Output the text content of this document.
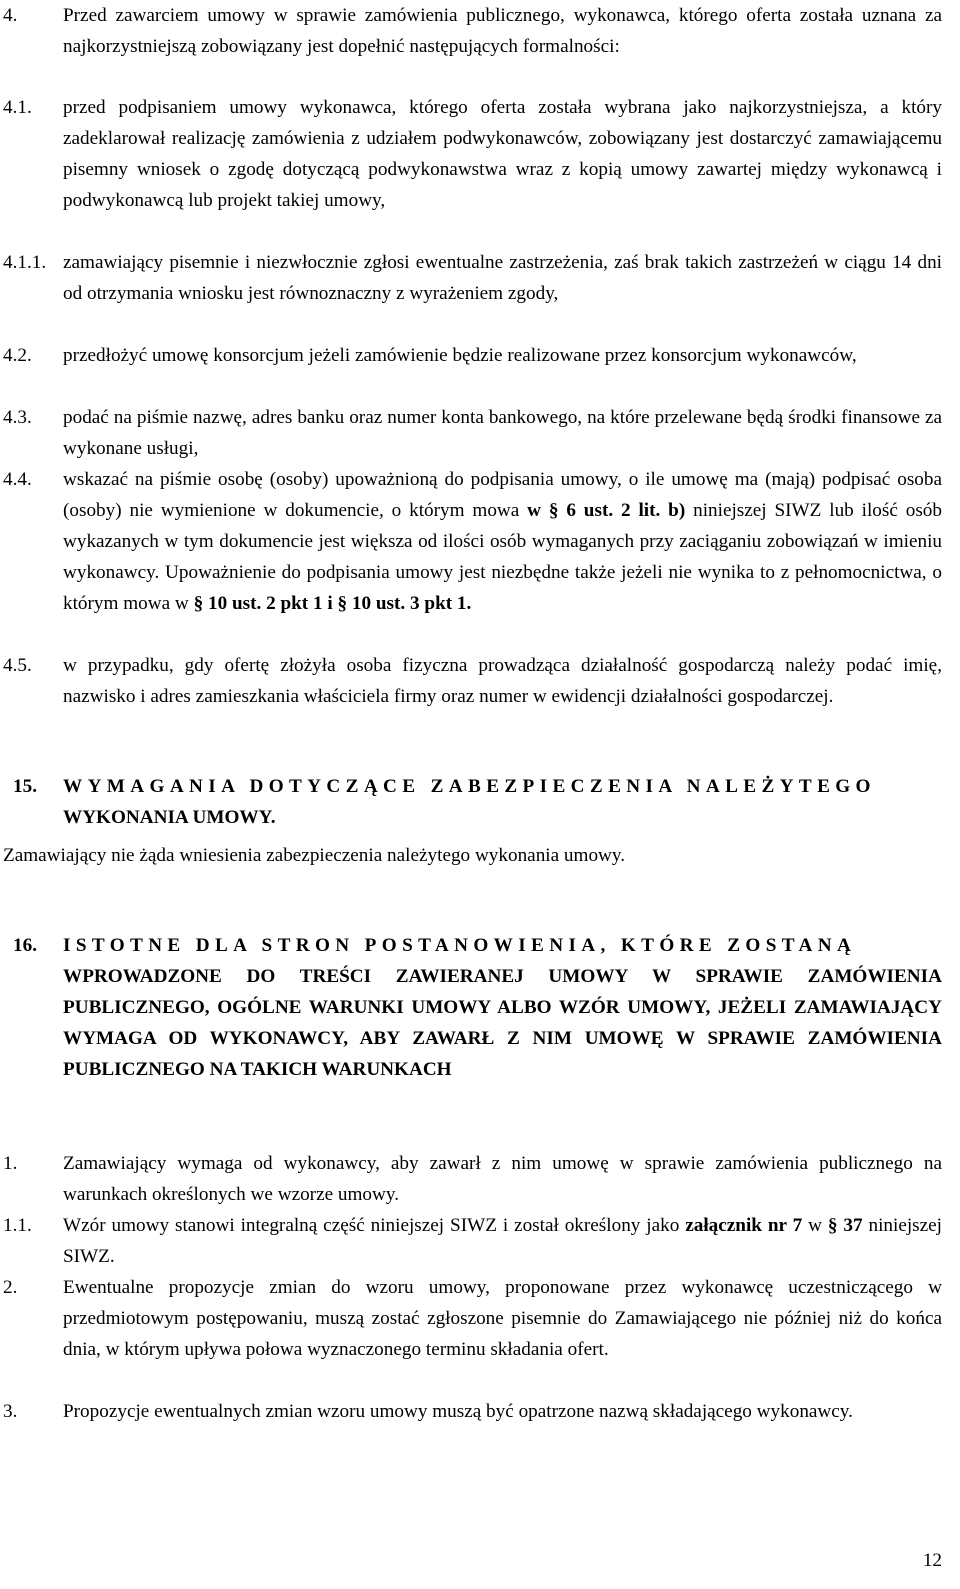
4. Przed zawarciem umowy w sprawie zamówienia publicznego, wykonawca, którego oferta została uznana za najkorzystniejszą zobowiązany jest dopełnić następujących formalności:
4.1. przed podpisaniem umowy wykonawca, którego oferta została wybrana jako najkorzystniejsza, a który zadeklarował realizację zamówienia z udziałem podwykonawców, zobowiązany jest dostarczyć zamawiającemu pisemny wniosek o zgodę dotyczącą podwykonawstwa wraz z kopią umowy zawartej między wykonawcą i podwykonawcą lub projekt takiej umowy,
4.1.1. zamawiający pisemnie i niezwłocznie zgłosi ewentualne zastrzeżenia, zaś brak takich zastrzeżeń w ciągu 14 dni od otrzymania wniosku jest równoznaczny z wyrażeniem zgody,
4.2. przedłożyć umowę konsorcjum jeżeli zamówienie będzie realizowane przez konsorcjum wykonawców,
4.3. podać na piśmie nazwę, adres banku oraz numer konta bankowego, na które przelewane będą środki finansowe za wykonane usługi,
4.4. wskazać na piśmie osobę (osoby) upoważnioną do podpisania umowy, o ile umowę ma (mają) podpisać osoba (osoby) nie wymienione w dokumencie, o którym mowa w § 6 ust. 2 lit. b) niniejszej SIWZ lub ilość osób wykazanych w tym dokumencie jest większa od ilości osób wymaganych przy zaciąganiu zobowiązań w imieniu wykonawcy. Upoważnienie do podpisania umowy jest niezbędne także jeżeli nie wynika to z pełnomocnictwa, o którym mowa w § 10 ust. 2 pkt 1 i § 10 ust. 3 pkt 1.
4.5. w przypadku, gdy ofertę złożyła osoba fizyczna prowadząca działalność gospodarczą należy podać imię, nazwisko i adres zamieszkania właściciela firmy oraz numer w ewidencji działalności gospodarczej.
15. WYMAGANIA DOTYCZĄCE ZABEZPIECZENIA NALEŻYTEGO
WYKONANIA UMOWY.
Zamawiający nie żąda wniesienia zabezpieczenia należytego wykonania umowy.
16. ISTOTNE DLA STRON POSTANOWIENIA, KTÓRE ZOSTANĄ
WPROWADZONE DO TREŚCI ZAWIERANEJ UMOWY W SPRAWIE ZAMÓWIENIA PUBLICZNEGO, OGÓLNE WARUNKI UMOWY ALBO WZÓR UMOWY, JEŻELI ZAMAWIAJĄCY WYMAGA OD WYKONAWCY, ABY ZAWARŁ Z NIM UMOWĘ W SPRAWIE ZAMÓWIENIA PUBLICZNEGO NA TAKICH WARUNKACH
1. Zamawiający wymaga od wykonawcy, aby zawarł z nim umowę w sprawie zamówienia publicznego na warunkach określonych we wzorze umowy.
1.1. Wzór umowy stanowi integralną część niniejszej SIWZ i został określony jako załącznik nr 7 w § 37 niniejszej SIWZ.
2. Ewentualne propozycje zmian do wzoru umowy, proponowane przez wykonawcę uczestniczącego w przedmiotowym postępowaniu, muszą zostać zgłoszone pisemnie do Zamawiającego nie później niż do końca dnia, w którym upływa połowa wyznaczonego terminu składania ofert.
3. Propozycje ewentualnych zmian wzoru umowy muszą być opatrzone nazwą składającego wykonawcy.
12
